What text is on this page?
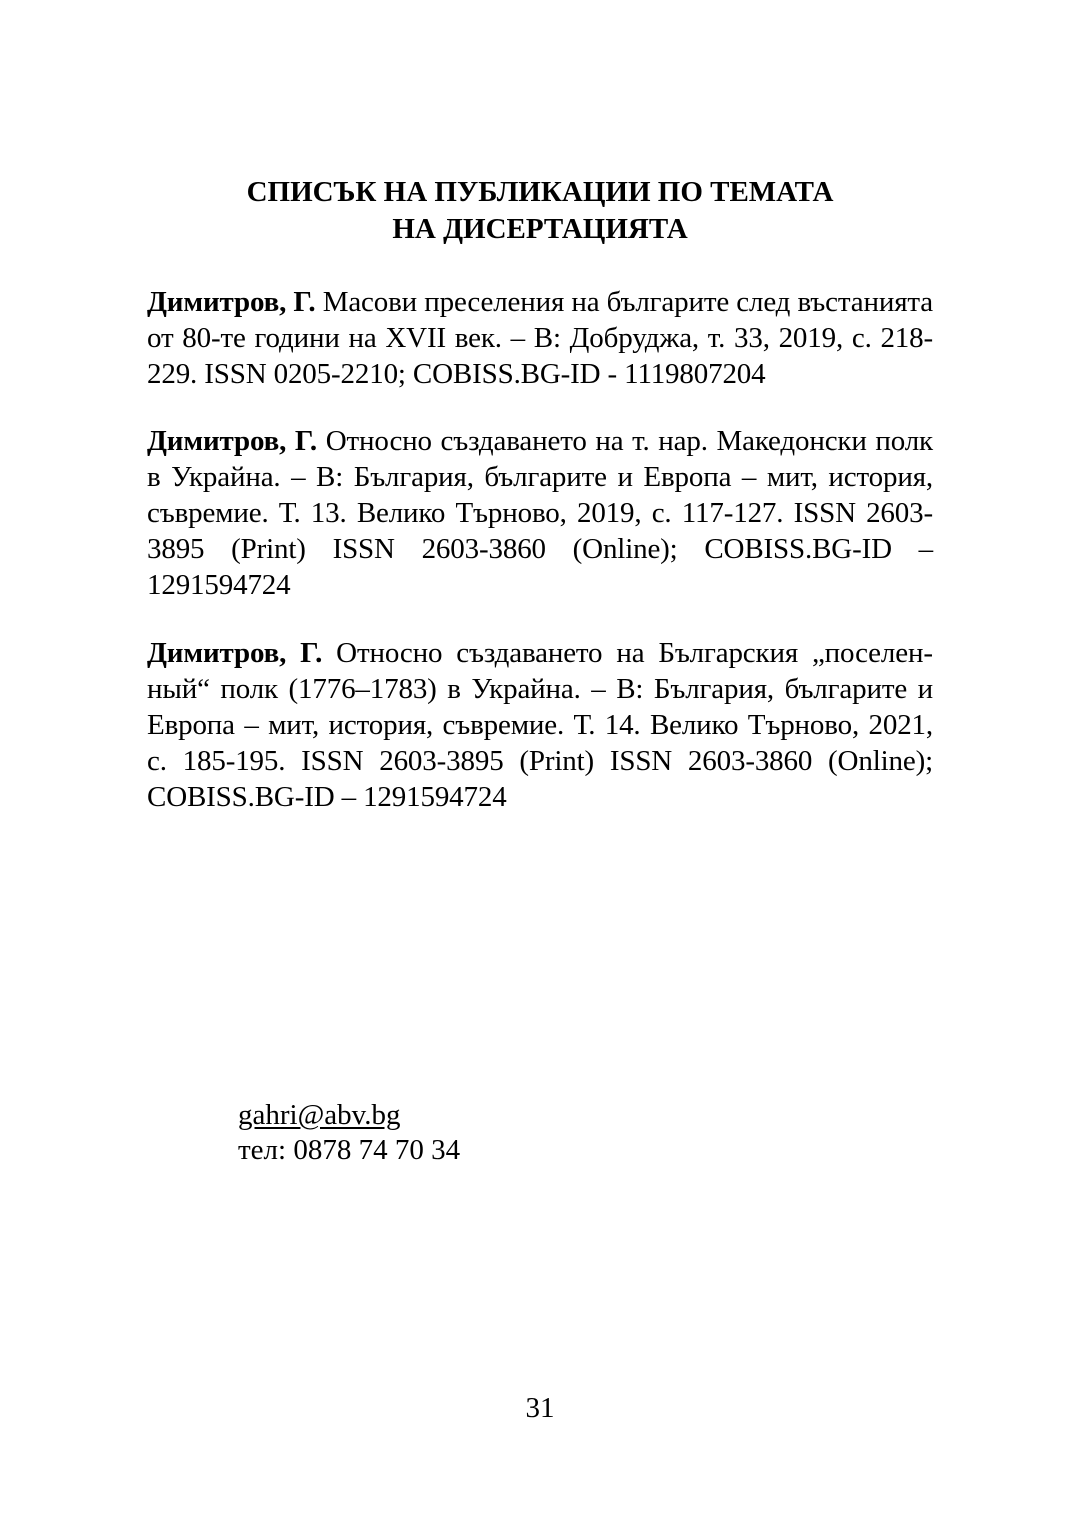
СПИСЪК НА ПУБЛИКАЦИИ ПО ТЕМАТА
НА ДИСЕРТАЦИЯТА

Димитров, Г. Масови преселения на българите след въстанията от 80-те години на XVII век. – В: Добруджа, т. 33, 2019, с. 218-229. ISSN 0205-2210; COBISS.BG-ID - 1119807204

Димитров, Г. Относно създаването на т. нар. Македонски полк в Украйна. – В: България, българите и Европа – мит, история, съвремие. Т. 13. Велико Търново, 2019, с. 117-127. ISSN 2603-3895 (Print) ISSN 2603-3860 (Online); COBISS.BG-ID – 1291594724

Димитров, Г. Относно създаването на Българския „поселенный“ полк (1776–1783) в Украйна. – В: България, българите и Европа – мит, история, съвремие. Т. 14. Велико Търново, 2021, с. 185-195. ISSN 2603-3895 (Print) ISSN 2603-3860 (Online); COBISS.BG-ID – 1291594724

gahri@abv.bg
тел: 0878 74 70 34
31
